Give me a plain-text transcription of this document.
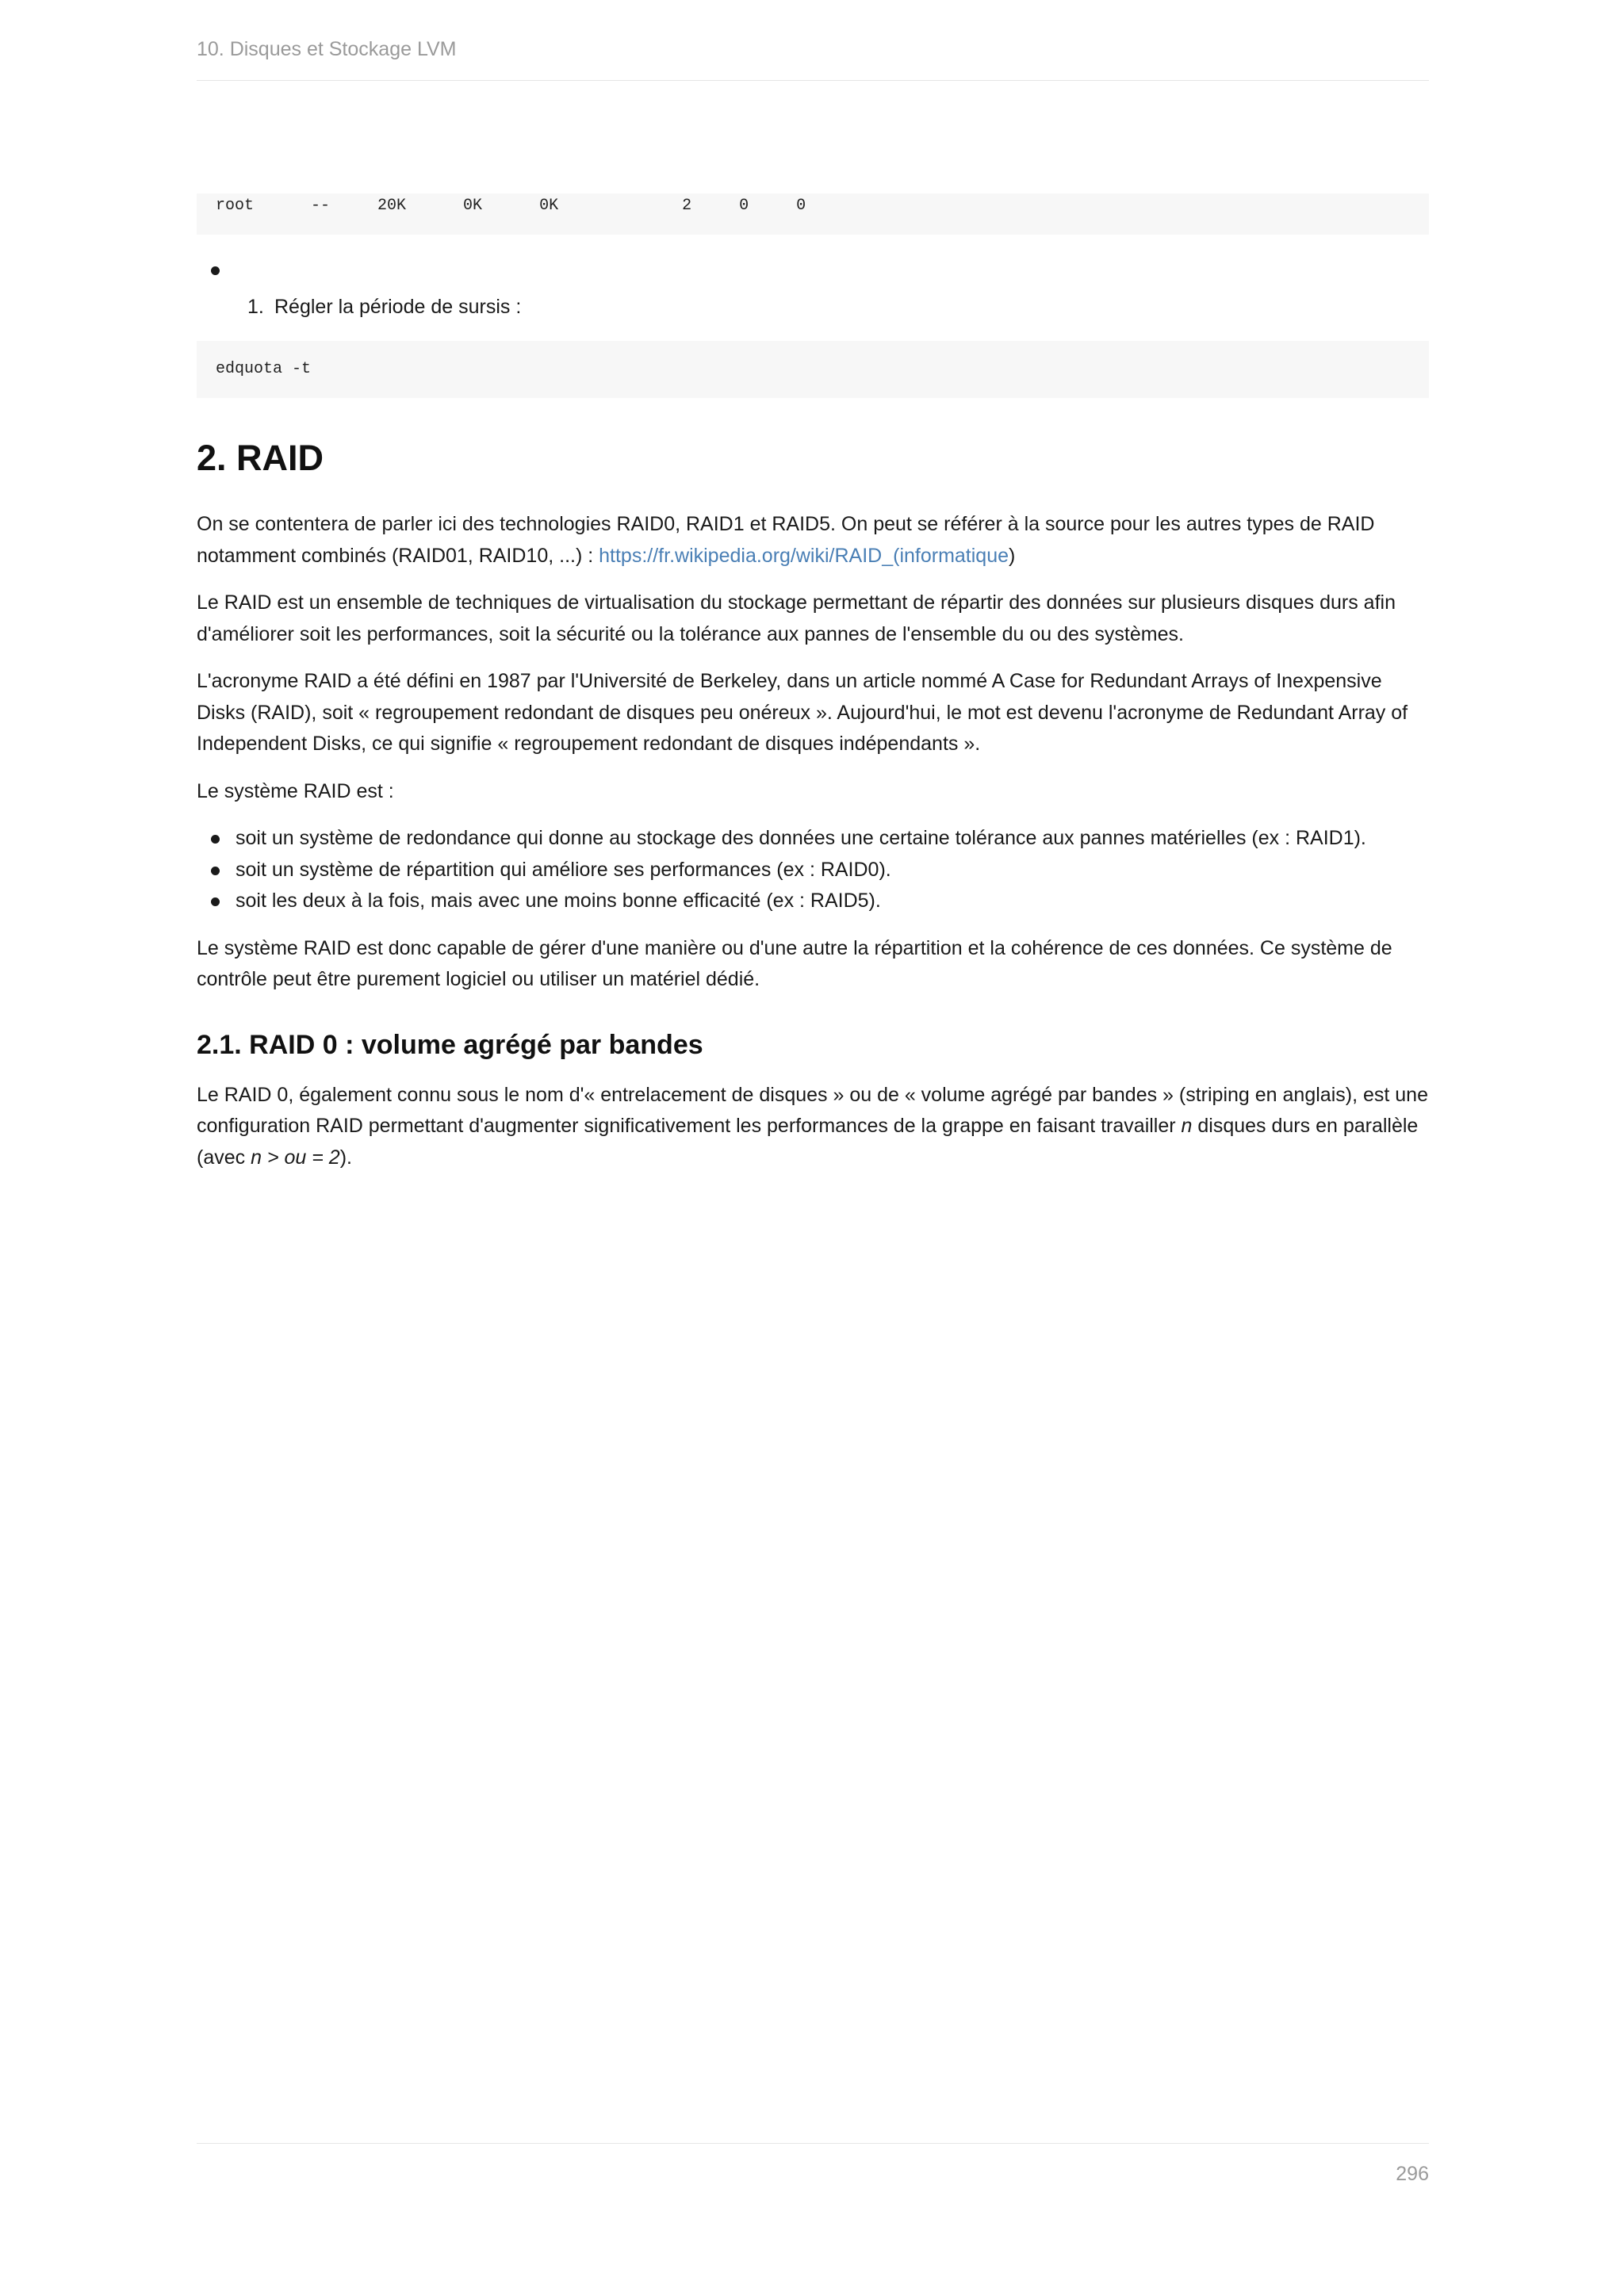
10. Disques et Stockage LVM
root      --     20K      0K      0K             2     0     0
1. Régler la période de sursis :
edquota -t
2. RAID

On se contentera de parler ici des technologies RAID0, RAID1 et RAID5. On peut se référer à la source pour les autres types de RAID notamment combinés (RAID01, RAID10, ...) : https://fr.wikipedia.org/wiki/RAID_(informatique)

Le RAID est un ensemble de techniques de virtualisation du stockage permettant de répartir des données sur plusieurs disques durs afin d'améliorer soit les performances, soit la sécurité ou la tolérance aux pannes de l'ensemble du ou des systèmes.

L'acronyme RAID a été défini en 1987 par l'Université de Berkeley, dans un article nommé A Case for Redundant Arrays of Inexpensive Disks (RAID), soit « regroupement redondant de disques peu onéreux ». Aujourd'hui, le mot est devenu l'acronyme de Redundant Array of Independent Disks, ce qui signifie « regroupement redondant de disques indépendants ».

Le système RAID est :

soit un système de redondance qui donne au stockage des données une certaine tolérance aux pannes matérielles (ex : RAID1).
soit un système de répartition qui améliore ses performances (ex : RAID0).
soit les deux à la fois, mais avec une moins bonne efficacité (ex : RAID5).

Le système RAID est donc capable de gérer d'une manière ou d'une autre la répartition et la cohérence de ces données. Ce système de contrôle peut être purement logiciel ou utiliser un matériel dédié.

2.1. RAID 0 : volume agrégé par bandes

Le RAID 0, également connu sous le nom d'« entrelacement de disques » ou de « volume agrégé par bandes » (striping en anglais), est une configuration RAID permettant d'augmenter significativement les performances de la grappe en faisant travailler n disques durs en parallèle (avec n > ou = 2).

296
